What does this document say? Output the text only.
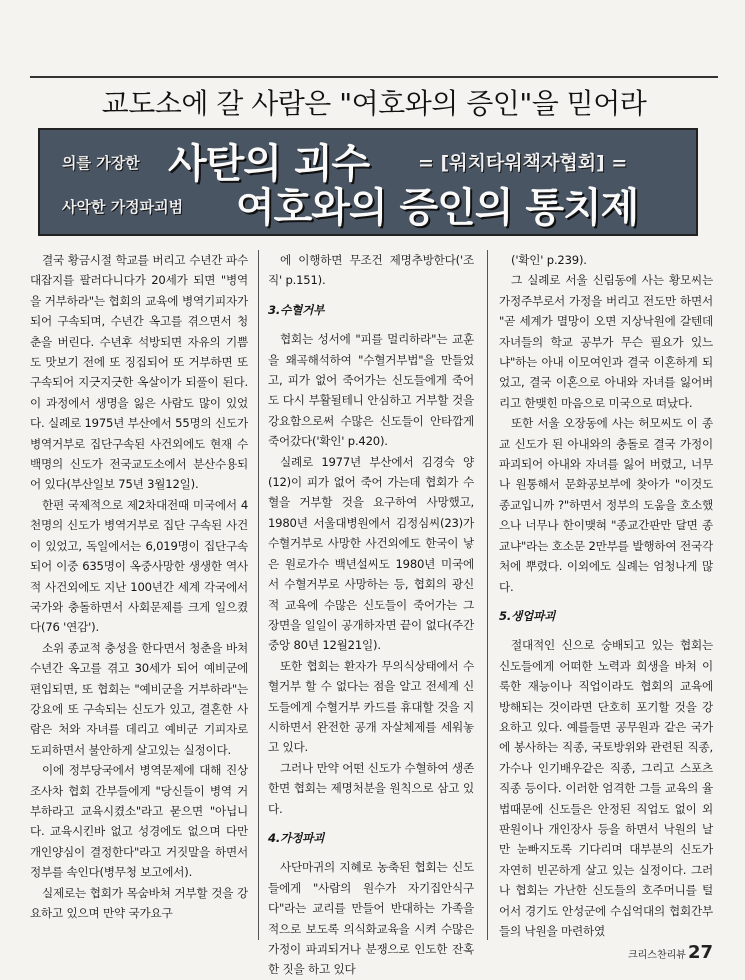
교도소에 갈 사람은 "여호와의 증인"을 믿어라
의를 가장한 사탄의 괴수	= [워치타워책자협회] =
사악한 가정파괴범 여호와의 증인의 통치제

결국 황금시절 학교를 버리고 수년간 파수대잡지를 팔러다니다가 20세가 되면 "병역을 거부하라"는 협회의 교육에 병역기피자가 되어 구속되며, 수년간 옥고를 겪으면서 청춘을 버린다. 수년후 석방되면 자유의 기쁨도 맛보기 전에 또 징집되어 또 거부하면 또 구속되어 지긋지긋한 옥살이가 되풀이 된다. 이 과정에서 생명을 잃은 사람도 많이 있었다. 실례로 1975년 부산에서 55명의 신도가 병역거부로 집단구속된 사건외에도 현재 수백명의 신도가 전국교도소에서 분산수용되어 있다(부산일보 75년 3월12일).

한편 국제적으로 제2차대전때 미국에서 4천명의 신도가 병역거부로 집단 구속된 사건이 있었고, 독일에서는 6,019명이 집단구속되어 이중 635명이 옥중사망한 생생한 역사적 사건외에도 지난 100년간 세계 각국에서 국가와 충돌하면서 사회문제를 크게 일으켰다(76 '연감').

소위 종교적 충성을 한다면서 청춘을 바쳐 수년간 옥고를 겪고 30세가 되어 예비군에 편입되면, 또 협회는 "예비군을 거부하라"는 강요에 또 구속되는 신도가 있고, 결혼한 사람은 처와 자녀를 데리고 예비군 기피자로 도피하면서 불안하게 살고있는 실정이다.

이에 정부당국에서 병역문제에 대해 진상 조사차 협회 간부들에게 "당신들이 병역 거부하라고 교육시켰소"라고 묻으면 "아닙니다. 교육시킨바 없고 성경에도 없으며 다만 개인양심이 결정한다"라고 거짓말을 하면서 정부를 속인다(병무청 보고에서).

실제로는 협회가 목숨바쳐 거부할 것을 강요하고 있으며 만약 국가요구

에 이행하면 무조건 제명추방한다('조직' p.151).

3.수혈거부

협회는 성서에 "피를 멀리하라"는 교훈을 왜곡해석하여 "수혈거부법"을 만들었고, 피가 없어 죽어가는 신도들에게 죽어도 다시 부활될테니 안심하고 거부할 것을 강요함으로써 수많은 신도들이 안타깝게 죽어갔다('확인' p.420).

실례로 1977년 부산에서 김경숙 양(12)이 피가 없어 죽어 가는데 협회가 수혈을 거부할 것을 요구하여 사망했고, 1980년 서울대병원에서 김정심씨(23)가 수혈거부로 사망한 사건외에도 한국이 낳은 원로가수 백년설씨도 1980년 미국에서 수혈거부로 사망하는 등, 협회의 광신적 교육에 수많은 신도들이 죽어가는 그 장면을 일일이 공개하자면 끝이 없다(주간중앙 80년 12월21일).

또한 협회는 환자가 무의식상태에서 수혈거부 할 수 없다는 점을 알고 전세계 신도들에게 수혈거부 카드를 휴대할 것을 지시하면서 완전한 공개 자살체제를 세워놓고 있다.

그러나 만약 어떤 신도가 수혈하여 생존한면 협회는 제명처분을 원칙으로 삼고 있다.

4.가정파괴

사단마귀의 지혜로 농축된 협회는 신도들에게 "사람의 원수가 자기집안식구다"라는 교리를 만들어 반대하는 가족을 적으로 보도록 의식화교육을 시켜 수많은 가정이 파괴되거나 분쟁으로 인도한 잔혹한 짓을 하고 있다

('확인' p.239).

그 실례로 서울 신림동에 사는 황모씨는 가정주부로서 가정을 버리고 전도만 하면서 "곧 세계가 멸망이 오면 지상낙원에 갈텐데 자녀들의 학교 공부가 무슨 필요가 있느냐"하는 아내 이모여인과 결국 이혼하게 되었고, 결국 이혼으로 아내와 자녀를 잃어버리고 한맺힌 마음으로 미국으로 떠났다.

또한 서울 오장동에 사는 허모씨도 이 종교 신도가 된 아내와의 충돌로 결국 가정이 파괴되어 아내와 자녀를 잃어 버렸고, 너무나 원통해서 문화공보부에 찾아가 "이것도 종교입니까 ?"하면서 정부의 도움을 호소했으나 너무나 한이맺혀 "종교간판만 달면 종교냐"라는 호소문 2만부를 발행하여 전국각처에 뿌렸다. 이외에도 실례는 엄청나게 많다.

5.생업파괴

절대적인 신으로 숭배되고 있는 협회는 신도들에게 어떠한 노력과 희생을 바쳐 이룩한 재능이나 직업이라도 협회의 교육에 방해되는 것이라면 단호히 포기할 것을 강요하고 있다. 예를들면 공무원과 같은 국가에 봉사하는 직종, 국토방위와 관련된 직종, 가수나 인기배우같은 직종, 그리고 스포츠 직종 등이다. 이러한 엄격한 그들 교육의 율법때문에 신도들은 안정된 직업도 없이 외판원이나 개인장사 등을 하면서 낙원의 날만 눈빠지도록 기다리며 대부분의 신도가 자연히 빈곤하게 살고 있는 실정이다. 그러나 협회는 가난한 신도들의 호주머니를 털어서 경기도 안성군에 수십억대의 협회간부들의 낙원을 마련하였

크리스찬리뷰 27
